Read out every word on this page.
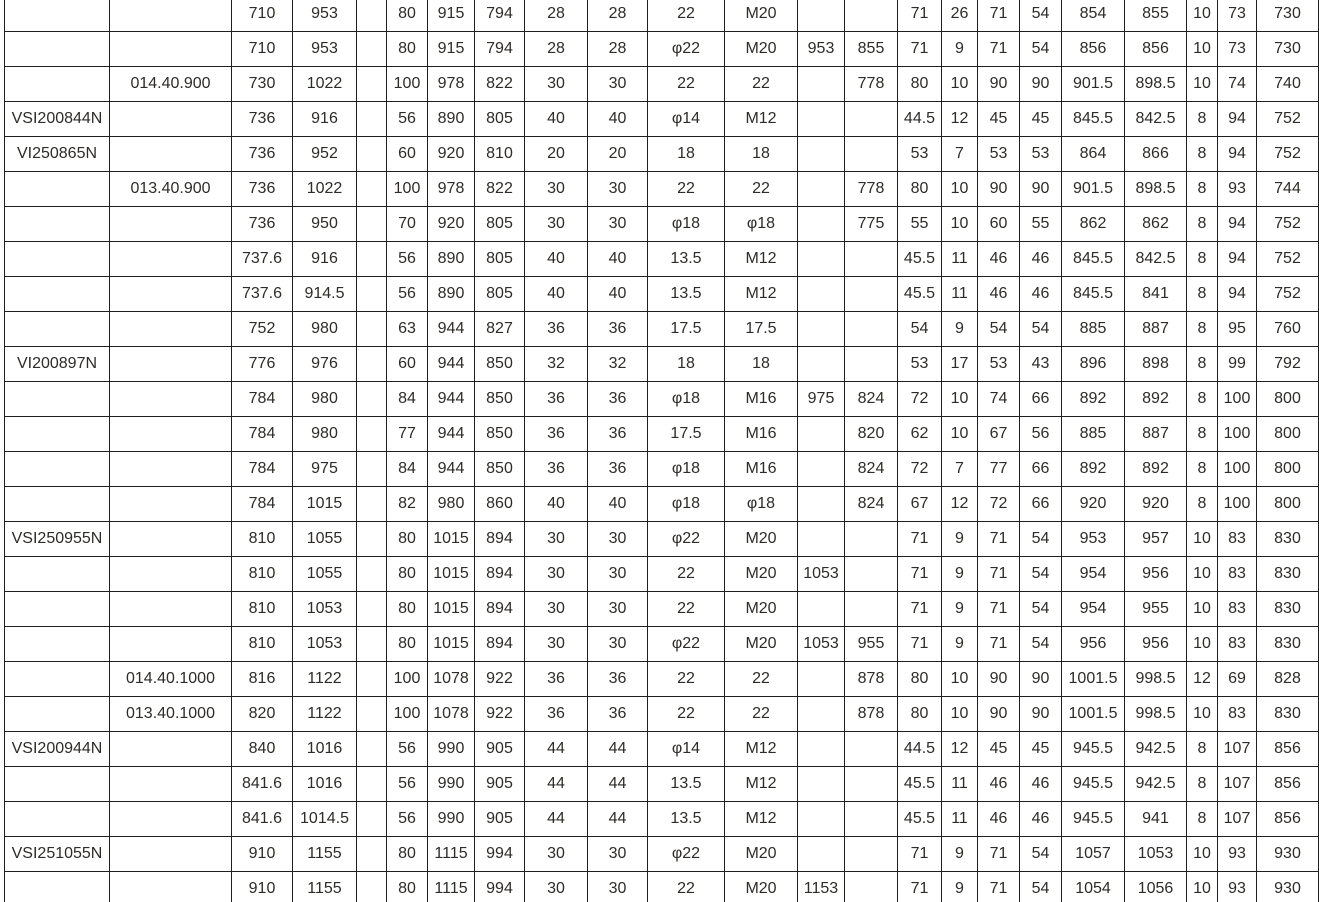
		710	953		80	915	794	28	28	22	M20			71	26	71	54	854	855	10	73	730
		710	953		80	915	794	28	28	φ22	M20	953	855	71	9	71	54	856	856	10	73	730
	014.40.900	730	1022		100	978	822	30	30	22	22		778	80	10	90	90	901.5	898.5	10	74	740
VSI200844N		736	916		56	890	805	40	40	φ14	M12			44.5	12	45	45	845.5	842.5	8	94	752
VI250865N		736	952		60	920	810	20	20	18	18			53	7	53	53	864	866	8	94	752
	013.40.900	736	1022		100	978	822	30	30	22	22		778	80	10	90	90	901.5	898.5	8	93	744
		736	950		70	920	805	30	30	φ18	φ18		775	55	10	60	55	862	862	8	94	752
		737.6	916		56	890	805	40	40	13.5	M12			45.5	11	46	46	845.5	842.5	8	94	752
		737.6	914.5		56	890	805	40	40	13.5	M12			45.5	11	46	46	845.5	841	8	94	752
		752	980		63	944	827	36	36	17.5	17.5			54	9	54	54	885	887	8	95	760
VI200897N		776	976		60	944	850	32	32	18	18			53	17	53	43	896	898	8	99	792
		784	980		84	944	850	36	36	φ18	M16	975	824	72	10	74	66	892	892	8	100	800
		784	980		77	944	850	36	36	17.5	M16		820	62	10	67	56	885	887	8	100	800
		784	975		84	944	850	36	36	φ18	M16		824	72	7	77	66	892	892	8	100	800
		784	1015		82	980	860	40	40	φ18	φ18		824	67	12	72	66	920	920	8	100	800
VSI250955N		810	1055		80	1015	894	30	30	φ22	M20			71	9	71	54	953	957	10	83	830
		810	1055		80	1015	894	30	30	22	M20	1053		71	9	71	54	954	956	10	83	830
		810	1053		80	1015	894	30	30	22	M20			71	9	71	54	954	955	10	83	830
		810	1053		80	1015	894	30	30	φ22	M20	1053	955	71	9	71	54	956	956	10	83	830
	014.40.1000	816	1122		100	1078	922	36	36	22	22		878	80	10	90	90	1001.5	998.5	12	69	828
	013.40.1000	820	1122		100	1078	922	36	36	22	22		878	80	10	90	90	1001.5	998.5	10	83	830
VSI200944N		840	1016		56	990	905	44	44	φ14	M12			44.5	12	45	45	945.5	942.5	8	107	856
		841.6	1016		56	990	905	44	44	13.5	M12			45.5	11	46	46	945.5	942.5	8	107	856
		841.6	1014.5		56	990	905	44	44	13.5	M12			45.5	11	46	46	945.5	941	8	107	856
VSI251055N		910	1155		80	1115	994	30	30	φ22	M20			71	9	71	54	1057	1053	10	93	930
		910	1155		80	1115	994	30	30	22	M20	1153		71	9	71	54	1054	1056	10	93	930
